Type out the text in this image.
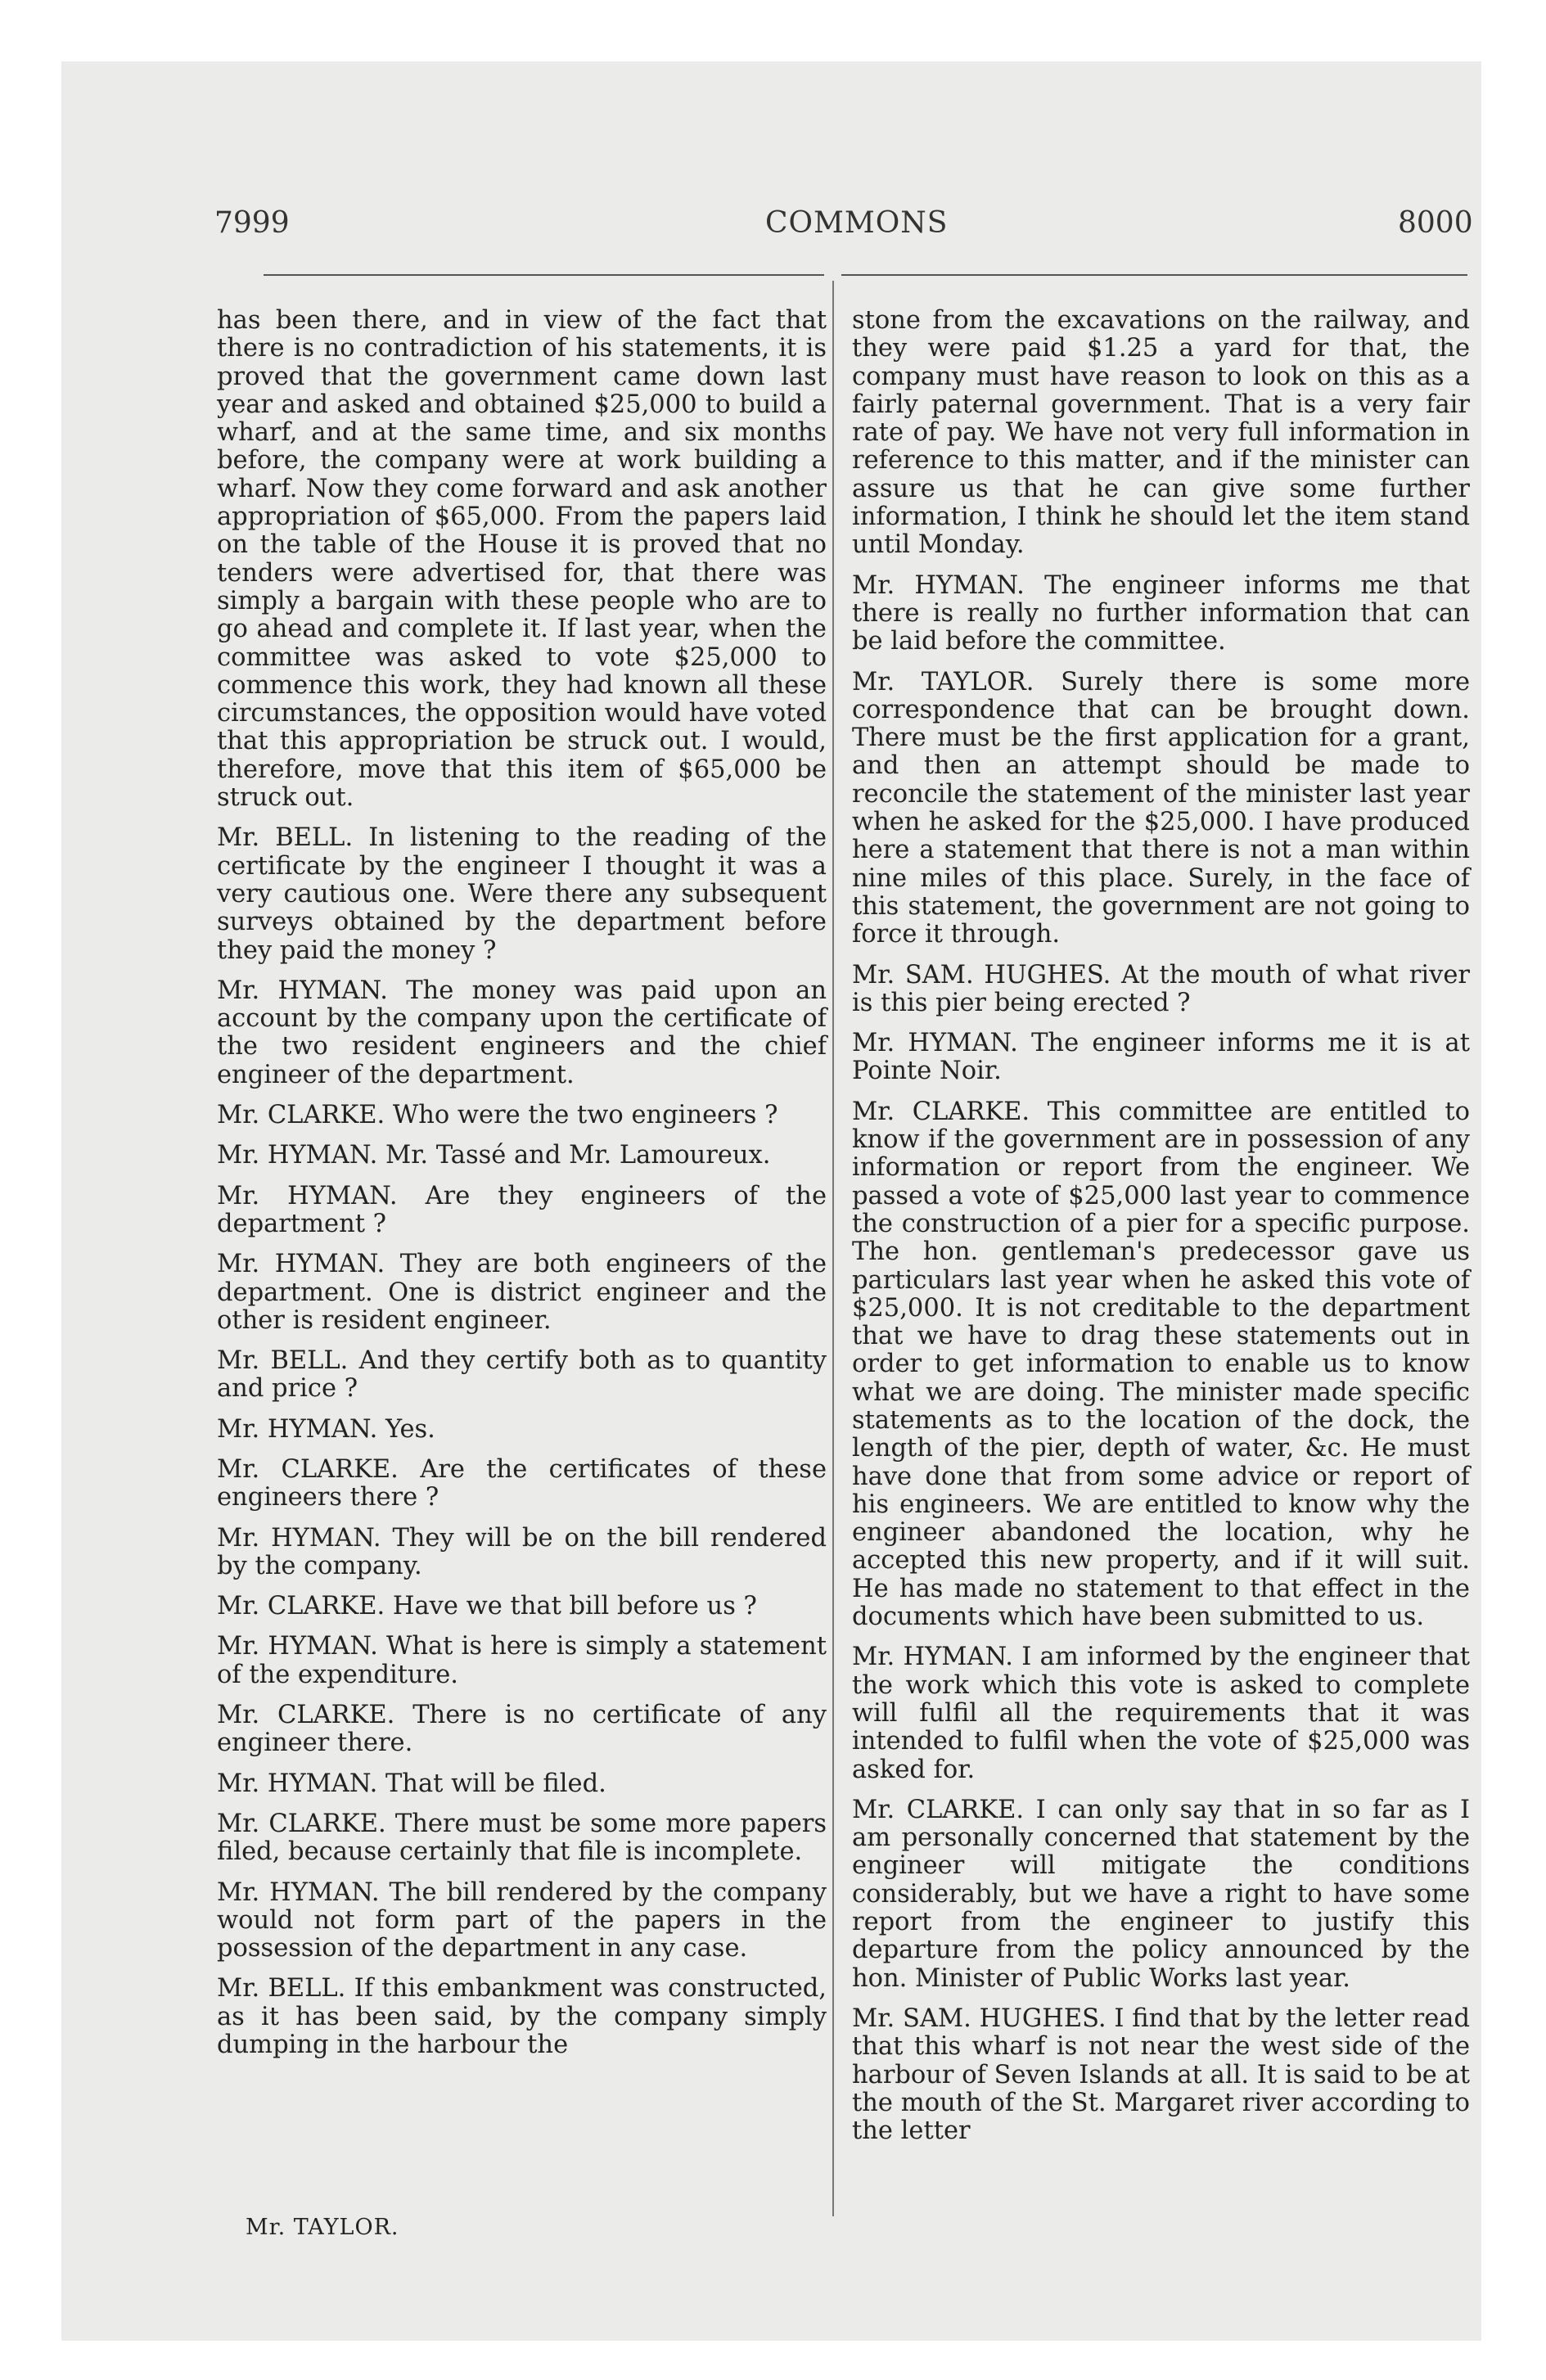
7999	COMMONS	8000

has been there, and in view of the fact that there is no contradiction of his statements, it is proved that the government came down last year and asked and obtained $25,000 to build a wharf, and at the same time, and six months before, the company were at work building a wharf. Now they come forward and ask another appropriation of $65,000. From the papers laid on the table of the House it is proved that no tenders were advertised for, that there was simply a bargain with these people who are to go ahead and complete it. If last year, when the committee was asked to vote $25,000 to commence this work, they had known all these circumstances, the opposition would have voted that this appropriation be struck out. I would, therefore, move that this item of $65,000 be struck out.

Mr. BELL. In listening to the reading of the certificate by the engineer I thought it was a very cautious one. Were there any subsequent surveys obtained by the department before they paid the money ?

Mr. HYMAN. The money was paid upon an account by the company upon the certificate of the two resident engineers and the chief engineer of the department.

Mr. CLARKE. Who were the two engineers ?

Mr. HYMAN. Mr. Tassé and Mr. Lamoureux.

Mr. HYMAN. Are they engineers of the department ?

Mr. HYMAN. They are both engineers of the department. One is district engineer and the other is resident engineer.

Mr. BELL. And they certify both as to quantity and price ?

Mr. HYMAN. Yes.

Mr. CLARKE. Are the certificates of these engineers there ?

Mr. HYMAN. They will be on the bill rendered by the company.

Mr. CLARKE. Have we that bill before us ?

Mr. HYMAN. What is here is simply a statement of the expenditure.

Mr. CLARKE. There is no certificate of any engineer there.

Mr. HYMAN. That will be filed.

Mr. CLARKE. There must be some more papers filed, because certainly that file is incomplete.

Mr. HYMAN. The bill rendered by the company would not form part of the papers in the possession of the department in any case.

Mr. BELL. If this embankment was constructed, as it has been said, by the company simply dumping in the harbour the

stone from the excavations on the railway, and they were paid $1.25 a yard for that, the company must have reason to look on this as a fairly paternal government. That is a very fair rate of pay. We have not very full information in reference to this matter, and if the minister can assure us that he can give some further information, I think he should let the item stand until Monday.

Mr. HYMAN. The engineer informs me that there is really no further information that can be laid before the committee.

Mr. TAYLOR. Surely there is some more correspondence that can be brought down. There must be the first application for a grant, and then an attempt should be made to reconcile the statement of the minister last year when he asked for the $25,000. I have produced here a statement that there is not a man within nine miles of this place. Surely, in the face of this statement, the government are not going to force it through.

Mr. SAM. HUGHES. At the mouth of what river is this pier being erected ?

Mr. HYMAN. The engineer informs me it is at Pointe Noir.

Mr. CLARKE. This committee are entitled to know if the government are in possession of any information or report from the engineer. We passed a vote of $25,000 last year to commence the construction of a pier for a specific purpose. The hon. gentleman's predecessor gave us particulars last year when he asked this vote of $25,000. It is not creditable to the department that we have to drag these statements out in order to get information to enable us to know what we are doing. The minister made specific statements as to the location of the dock, the length of the pier, depth of water, &c. He must have done that from some advice or report of his engineers. We are entitled to know why the engineer abandoned the location, why he accepted this new property, and if it will suit. He has made no statement to that effect in the documents which have been submitted to us.

Mr. HYMAN. I am informed by the engineer that the work which this vote is asked to complete will fulfil all the requirements that it was intended to fulfil when the vote of $25,000 was asked for.

Mr. CLARKE. I can only say that in so far as I am personally concerned that statement by the engineer will mitigate the conditions considerably, but we have a right to have some report from the engineer to justify this departure from the policy announced by the hon. Minister of Public Works last year.

Mr. SAM. HUGHES. I find that by the letter read that this wharf is not near the west side of the harbour of Seven Islands at all. It is said to be at the mouth of the St. Margaret river according to the letter

Mr. TAYLOR.
